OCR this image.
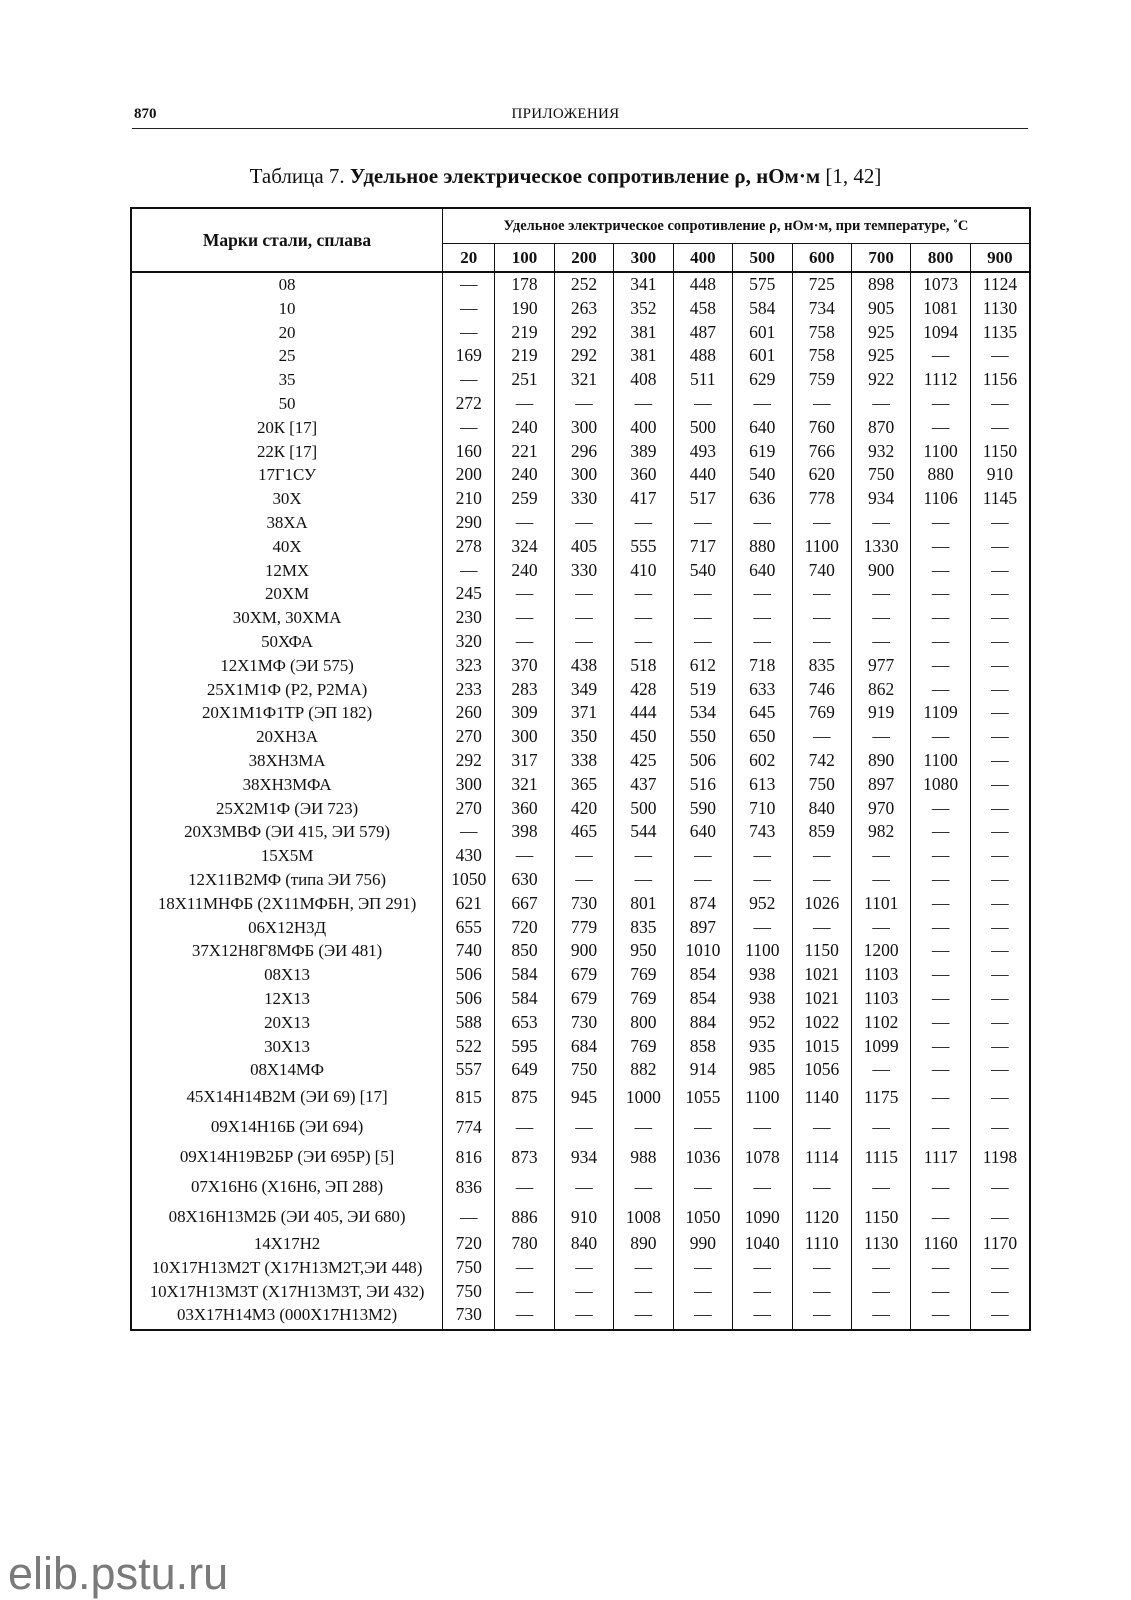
870	ПРИЛОЖЕНИЯ
Таблица 7. Удельное электрическое сопротивление ρ, нОм·м [1, 42]
Марки стали, сплава	Удельное электрическое сопротивление ρ, нОм·м, при температуре, ˚С									
	20	100	200	300	400	500	600	700	800	900
08	—	178	252	341	448	575	725	898	1073	1124
10	—	190	263	352	458	584	734	905	1081	1130
20	—	219	292	381	487	601	758	925	1094	1135
25	169	219	292	381	488	601	758	925	—	—
35	—	251	321	408	511	629	759	922	1112	1156
50	272	—	—	—	—	—	—	—	—	—
20К [17]	—	240	300	400	500	640	760	870	—	—
22К [17]	160	221	296	389	493	619	766	932	1100	1150
17Г1СУ	200	240	300	360	440	540	620	750	880	910
30Х	210	259	330	417	517	636	778	934	1106	1145
38ХА	290	—	—	—	—	—	—	—	—	—
40Х	278	324	405	555	717	880	1100	1330	—	—
12МХ	—	240	330	410	540	640	740	900	—	—
20ХМ	245	—	—	—	—	—	—	—	—	—
30ХМ, 30ХМА	230	—	—	—	—	—	—	—	—	—
50ХФА	320	—	—	—	—	—	—	—	—	—
12Х1МФ (ЭИ 575)	323	370	438	518	612	718	835	977	—	—
25Х1М1Ф (Р2, Р2МА)	233	283	349	428	519	633	746	862	—	—
20Х1М1Ф1ТР (ЭП 182)	260	309	371	444	534	645	769	919	1109	—
20ХН3А	270	300	350	450	550	650	—	—	—	—
38ХН3МА	292	317	338	425	506	602	742	890	1100	—
38ХН3МФА	300	321	365	437	516	613	750	897	1080	—
25Х2М1Ф (ЭИ 723)	270	360	420	500	590	710	840	970	—	—
20Х3МВФ (ЭИ 415, ЭИ 579)	—	398	465	544	640	743	859	982	—	—
15Х5М	430	—	—	—	—	—	—	—	—	—
12Х11В2МФ (типа ЭИ 756)	1050	630	—	—	—	—	—	—	—	—
18Х11МНФБ (2Х11МФБН, ЭП 291)	621	667	730	801	874	952	1026	1101	—	—
06Х12Н3Д	655	720	779	835	897	—	—	—	—	—
37Х12Н8Г8МФБ (ЭИ 481)	740	850	900	950	1010	1100	1150	1200	—	—
08Х13	506	584	679	769	854	938	1021	1103	—	—
12Х13	506	584	679	769	854	938	1021	1103	—	—
20Х13	588	653	730	800	884	952	1022	1102	—	—
30Х13	522	595	684	769	858	935	1015	1099	—	—
08Х14МФ	557	649	750	882	914	985	1056	—	—	—
45Х14Н14В2М (ЭИ 69) [17]	815	875	945	1000	1055	1100	1140	1175	—	—
09Х14Н16Б (ЭИ 694)	774	—	—	—	—	—	—	—	—	—
09Х14Н19В2БР (ЭИ 695Р) [5]	816	873	934	988	1036	1078	1114	1115	1117	1198
07Х16Н6 (Х16Н6, ЭП 288)	836	—	—	—	—	—	—	—	—	—
08Х16Н13М2Б (ЭИ 405, ЭИ 680)	—	886	910	1008	1050	1090	1120	1150	—	—
14Х17Н2	720	780	840	890	990	1040	1110	1130	1160	1170
10Х17Н13М2Т (Х17Н13М2Т,ЭИ 448)	750	—	—	—	—	—	—	—	—	—
10Х17Н13М3Т (Х17Н13М3Т, ЭИ 432)	750	—	—	—	—	—	—	—	—	—
03Х17Н14М3 (000Х17Н13М2)	730	—	—	—	—	—	—	—	—	—
elib.pstu.ru
